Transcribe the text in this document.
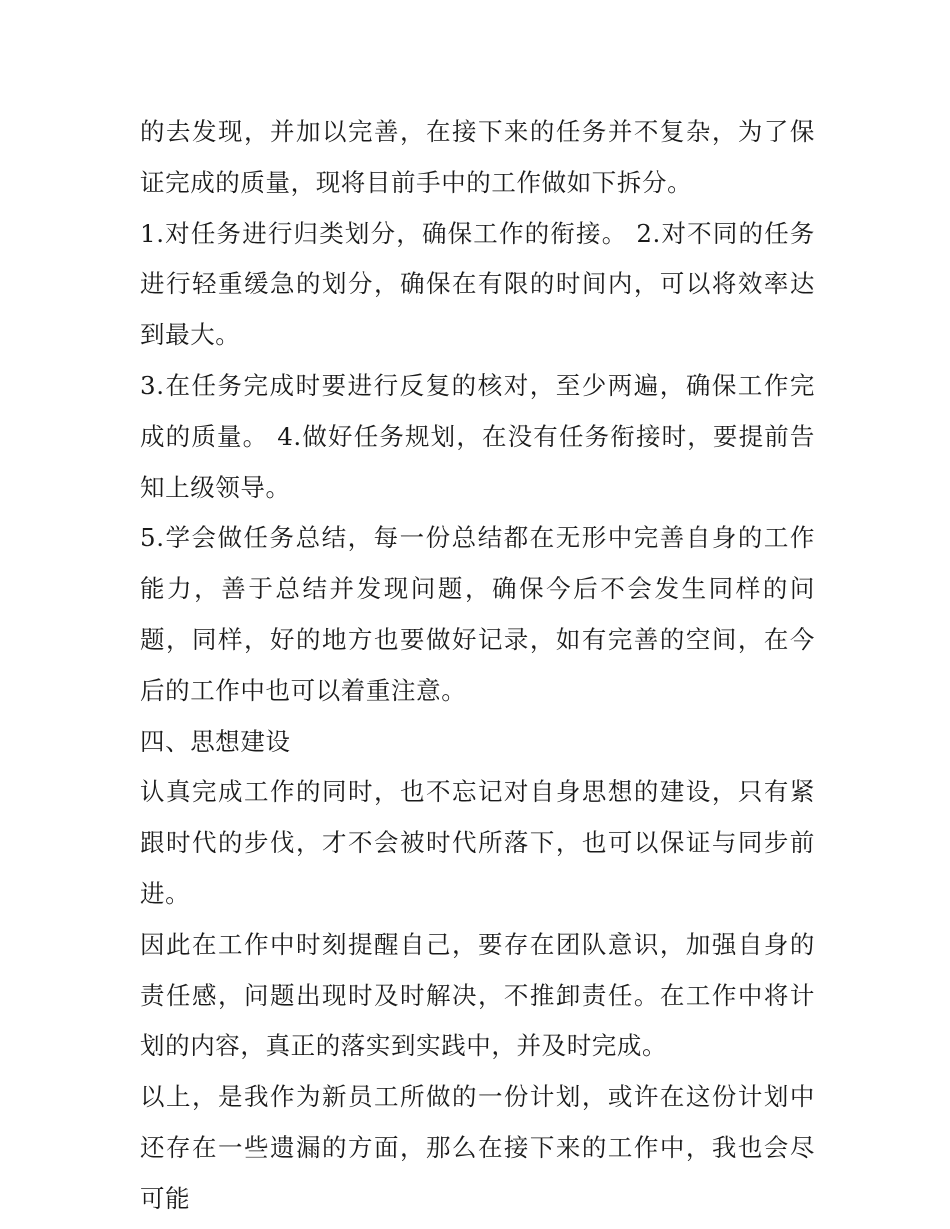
的去发现，并加以完善，在接下来的任务并不复杂，为了保证完成的质量，现将目前手中的工作做如下拆分。

1.对任务进行归类划分，确保工作的衔接。 2.对不同的任务进行轻重缓急的划分，确保在有限的时间内，可以将效率达到最大。

3.在任务完成时要进行反复的核对，至少两遍，确保工作完成的质量。 4.做好任务规划，在没有任务衔接时，要提前告知上级领导。

5.学会做任务总结，每一份总结都在无形中完善自身的工作能力，善于总结并发现问题，确保今后不会发生同样的问题，同样，好的地方也要做好记录，如有完善的空间，在今后的工作中也可以着重注意。

四、思想建设

认真完成工作的同时，也不忘记对自身思想的建设，只有紧跟时代的步伐，才不会被时代所落下，也可以保证与同步前进。

因此在工作中时刻提醒自己，要存在团队意识，加强自身的责任感，问题出现时及时解决，不推卸责任。在工作中将计划的内容，真正的落实到实践中，并及时完成。

以上，是我作为新员工所做的一份计划，或许在这份计划中还存在一些遗漏的方面，那么在接下来的工作中，我也会尽可能
